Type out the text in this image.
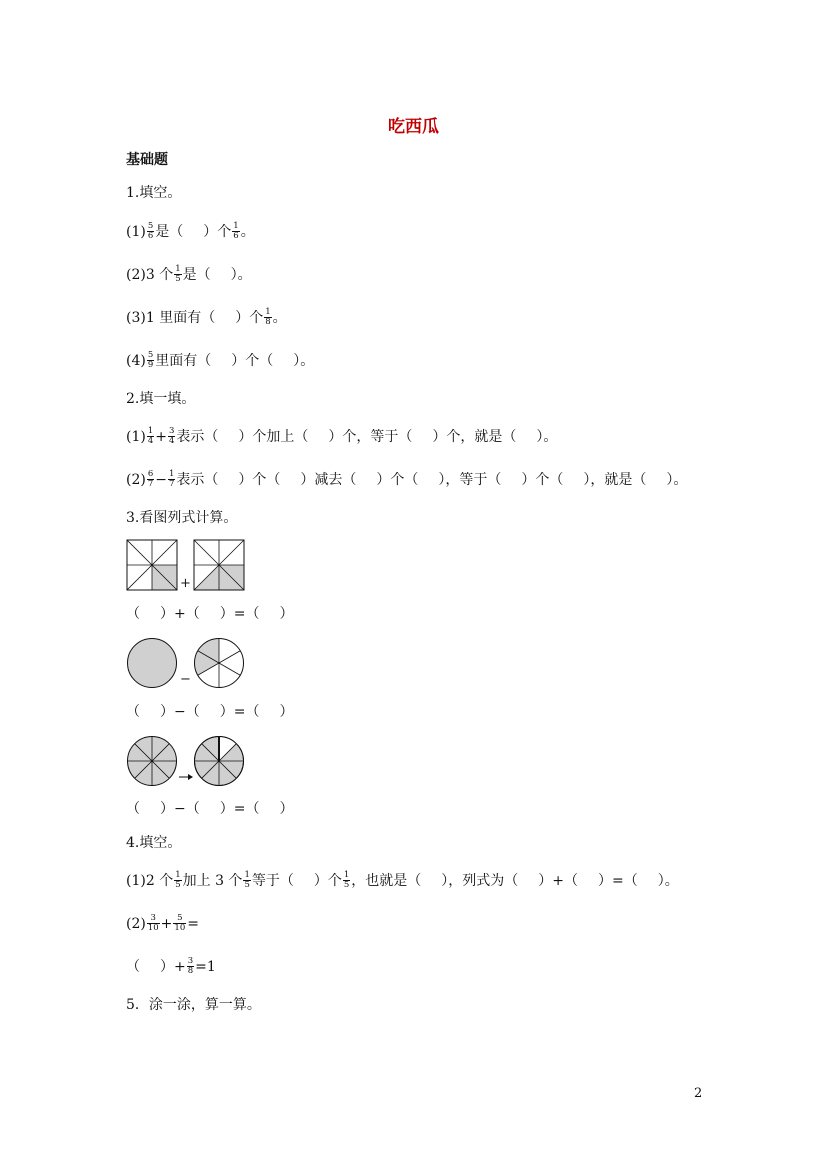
吃西瓜
基础题
1.填空。
$(1) \frac{5}{6}$ 是（ ）个 $\frac{1}{6}$ 。
(2)3 个 $\frac{1}{5}$ 是（ ）。
(3)1 里面有（ ）个 $\frac{1}{8}$ 。
$(4) \frac{5}{9}$ 里面有（ ）个（ ）。
2.填一填。
$(1) \frac{1}{4} + \frac{3}{4}$ 表示（ ）个加上（ ）个，等于（ ）个，就是（ ）。
$(2) \frac{6}{7} - \frac{1}{7}$ 表示（ ）个（ ）减去（ ）个（ ），等于（ ）个（ ），就是（ ）。
3.看图列式计算。
+
（ ）+（ ）=（ ）
−
（ ）−（ ）=（ ）
（ ）−（ ）=（ ）
4.填空。
(1)2 个 $\frac{1}{5}$ 加上 3 个 $\frac{1}{5}$ 等于（ ）个 $\frac{1}{5}$ ，也就是（ ），列式为（ ）+（ ）=（ ）。
$(2) \frac{3}{10} + \frac{5}{10}$ =
（ ）+ $\frac{3}{8} =1$
5．涂一涂，算一算。
2
